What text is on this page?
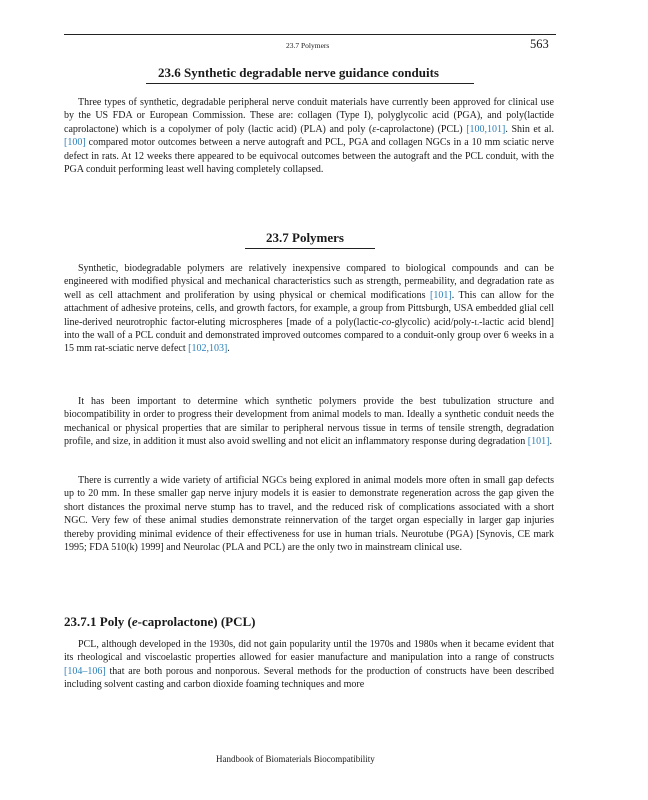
23.7 Polymers	563
23.6 Synthetic degradable nerve guidance conduits

Three types of synthetic, degradable peripheral nerve conduit materials have currently been approved for clinical use by the US FDA or European Commission. These are: collagen (Type I), polyglycolic acid (PGA), and poly(lactide caprolactone) which is a copolymer of poly (lactic acid) (PLA) and poly (ε-caprolactone) (PCL) [100,101]. Shin et al. [100] compared motor outcomes between a nerve autograft and PCL, PGA and collagen NGCs in a 10 mm sciatic nerve defect in rats. At 12 weeks there appeared to be equivocal outcomes between the autograft and the PCL conduit, with the PGA conduit performing least well having completely collapsed.

23.7 Polymers

Synthetic, biodegradable polymers are relatively inexpensive compared to biological compounds and can be engineered with modified physical and mechanical characteristics such as strength, permeability, and degradation rate as well as cell attachment and proliferation by using physical or chemical modifications [101]. This can allow for the attachment of adhesive proteins, cells, and growth factors, for example, a group from Pittsburgh, USA embedded glial cell line-derived neurotrophic factor-eluting microspheres [made of a poly(lactic-co-glycolic) acid/poly-L-lactic acid blend] into the wall of a PCL conduit and demonstrated improved outcomes compared to a conduit-only group over 6 weeks in a 15 mm rat-sciatic nerve defect [102,103].

It has been important to determine which synthetic polymers provide the best tubulization structure and biocompatibility in order to progress their development from animal models to man. Ideally a synthetic conduit needs the mechanical or physical properties that are similar to peripheral nervous tissue in terms of tensile strength, degradation profile, and size, in addition it must also avoid swelling and not elicit an inflammatory response during degradation [101].

There is currently a wide variety of artificial NGCs being explored in animal models more often in small gap defects up to 20 mm. In these smaller gap nerve injury models it is easier to demonstrate regeneration across the gap given the short distances the proximal nerve stump has to travel, and the reduced risk of complications associated with a short NGC. Very few of these animal studies demonstrate reinnervation of the target organ especially in larger gap injuries thereby providing minimal evidence of their effectiveness for use in human trials. Neurotube (PGA) [Synovis, CE mark 1995; FDA 510(k) 1999] and Neurolac (PLA and PCL) are the only two in mainstream clinical use.

23.7.1 Poly (e-caprolactone) (PCL)

PCL, although developed in the 1930s, did not gain popularity until the 1970s and 1980s when it became evident that its rheological and viscoelastic properties allowed for easier manufacture and manipulation into a range of constructs [104–106] that are both porous and nonporous. Several methods for the production of constructs have been described including solvent casting and carbon dioxide foaming techniques and more

Handbook of Biomaterials Biocompatibility
